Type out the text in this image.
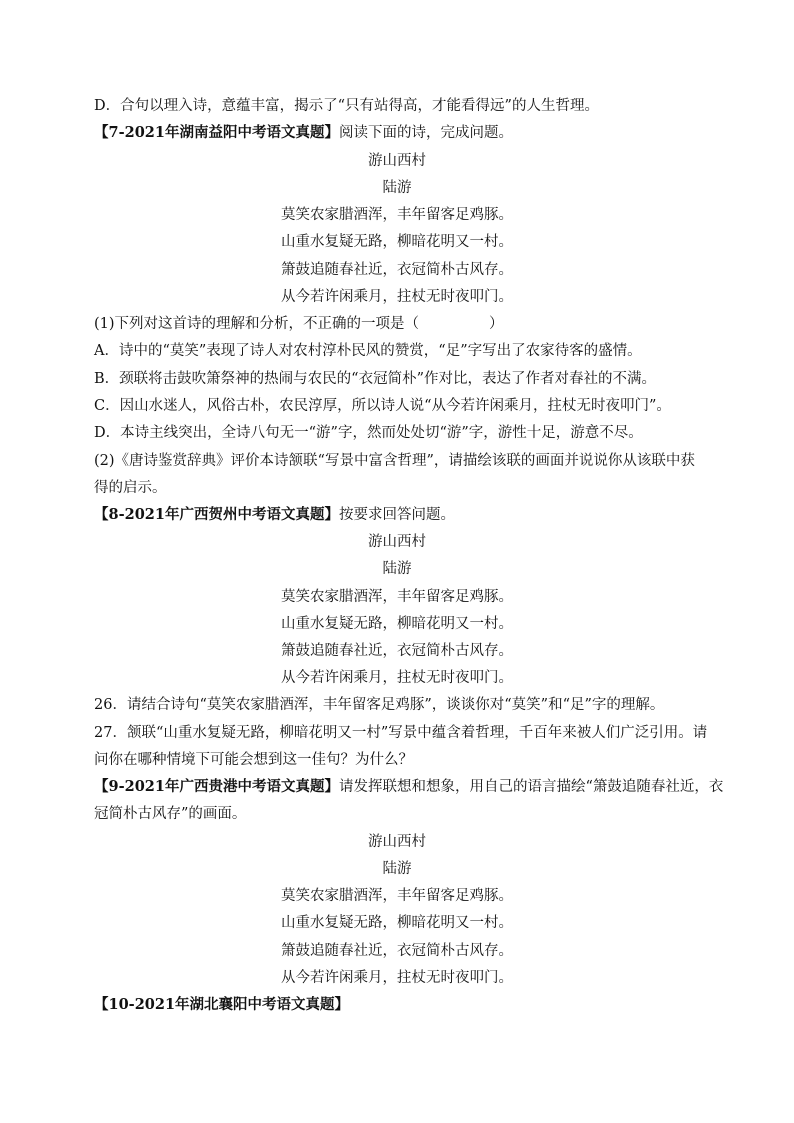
D．合句以理入诗，意蕴丰富，揭示了“只有站得高，才能看得远”的人生哲理。
【7-2021年湖南益阳中考语文真题】阅读下面的诗，完成问题。
游山西村
陆游
莫笑农家腊酒浑，丰年留客足鸡豚。
山重水复疑无路，柳暗花明又一村。
箫鼓追随春社近，衣冠简朴古风存。
从今若许闲乘月，拄杖无时夜叩门。
(1)下列对这首诗的理解和分析，不正确的一项是（	）
A．诗中的“莫笑”表现了诗人对农村淳朴民风的赞赏，“足”字写出了农家待客的盛情。
B．颈联将击鼓吹箫祭神的热闹与农民的“衣冠简朴”作对比，表达了作者对春社的不满。
C．因山水迷人，风俗古朴，农民淳厚，所以诗人说“从今若许闲乘月，拄杖无时夜叩门”。
D．本诗主线突出，全诗八句无一“游”字，然而处处切“游”字，游性十足，游意不尽。
(2)《唐诗鉴赏辞典》评价本诗颔联“写景中富含哲理”，请描绘该联的画面并说说你从该联中获
得的启示。
【8-2021年广西贺州中考语文真题】按要求回答问题。
游山西村
陆游
莫笑农家腊酒浑，丰年留客足鸡豚。
山重水复疑无路，柳暗花明又一村。
箫鼓追随春社近，衣冠简朴古风存。
从今若许闲乘月，拄杖无时夜叩门。
26．请结合诗句“莫笑农家腊酒浑，丰年留客足鸡豚”，谈谈你对“莫笑”和“足”字的理解。
27．颔联“山重水复疑无路，柳暗花明又一村”写景中蕴含着哲理，千百年来被人们广泛引用。请
问你在哪种情境下可能会想到这一佳句？为什么？
【9-2021年广西贵港中考语文真题】请发挥联想和想象，用自己的语言描绘“箫鼓追随春社近，衣
冠简朴古风存”的画面。
游山西村
陆游
莫笑农家腊酒浑，丰年留客足鸡豚。
山重水复疑无路，柳暗花明又一村。
箫鼓追随春社近，衣冠简朴古风存。
从今若许闲乘月，拄杖无时夜叩门。
【10-2021年湖北襄阳中考语文真题】
